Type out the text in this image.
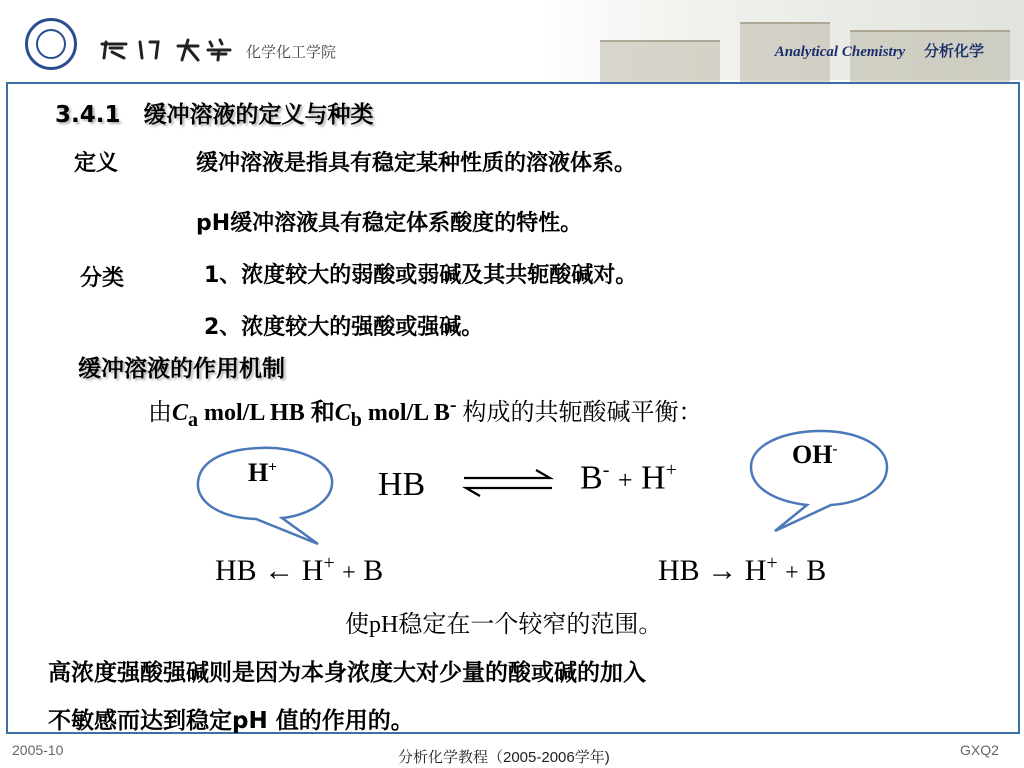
化学化工学院	Analytical Chemistry 分析化学
3.4.1　缓冲溶液的定义与种类
定义	缓冲溶液是指具有稳定某种性质的溶液体系。
pH缓冲溶液具有稳定体系酸度的特性。
分类	1、浓度较大的弱酸或弱碱及其共轭酸碱对。
2、浓度较大的强酸或强碱。
缓冲溶液的作用机制
由$C_a$ mol/L HB 和$C_b$ mol/L B- 构成的共轭酸碱平衡：
H+	OH-
HB	B- + H+
HB ← H+ + B	HB → H+ + B
使pH稳定在一个较窄的范围。
高浓度强酸强碱则是因为本身浓度大对少量的酸或碱的加入
不敏感而达到稳定pH 值的作用的。
2005-10	分析化学教程（2005-2006学年)	GXQ2
